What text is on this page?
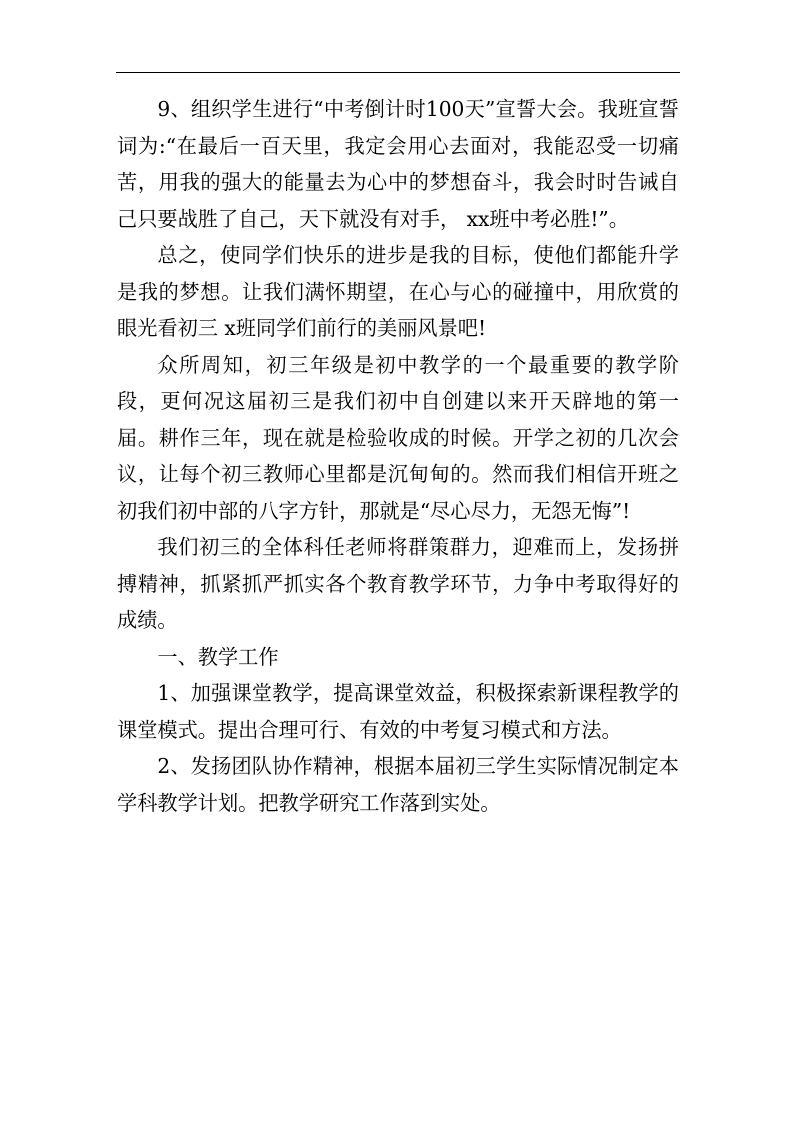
9、组织学生进行“中考倒计时100天”宣誓大会。我班宣誓词为:“在最后一百天里，我定会用心去面对，我能忍受一切痛苦，用我的强大的能量去为心中的梦想奋斗，我会时时告诫自己只要战胜了自己，天下就没有对手， xx班中考必胜!”。

总之，使同学们快乐的进步是我的目标，使他们都能升学是我的梦想。让我们满怀期望，在心与心的碰撞中，用欣赏的眼光看初三 x班同学们前行的美丽风景吧!

众所周知，初三年级是初中教学的一个最重要的教学阶段，更何况这届初三是我们初中自创建以来开天辟地的第一届。耕作三年，现在就是检验收成的时候。开学之初的几次会议，让每个初三教师心里都是沉甸甸的。然而我们相信开班之初我们初中部的八字方针，那就是“尽心尽力，无怨无悔”!

我们初三的全体科任老师将群策群力，迎难而上，发扬拼搏精神，抓紧抓严抓实各个教育教学环节，力争中考取得好的成绩。

一、教学工作

1、加强课堂教学，提高课堂效益，积极探索新课程教学的课堂模式。提出合理可行、有效的中考复习模式和方法。

2、发扬团队协作精神，根据本届初三学生实际情况制定本学科教学计划。把教学研究工作落到实处。
